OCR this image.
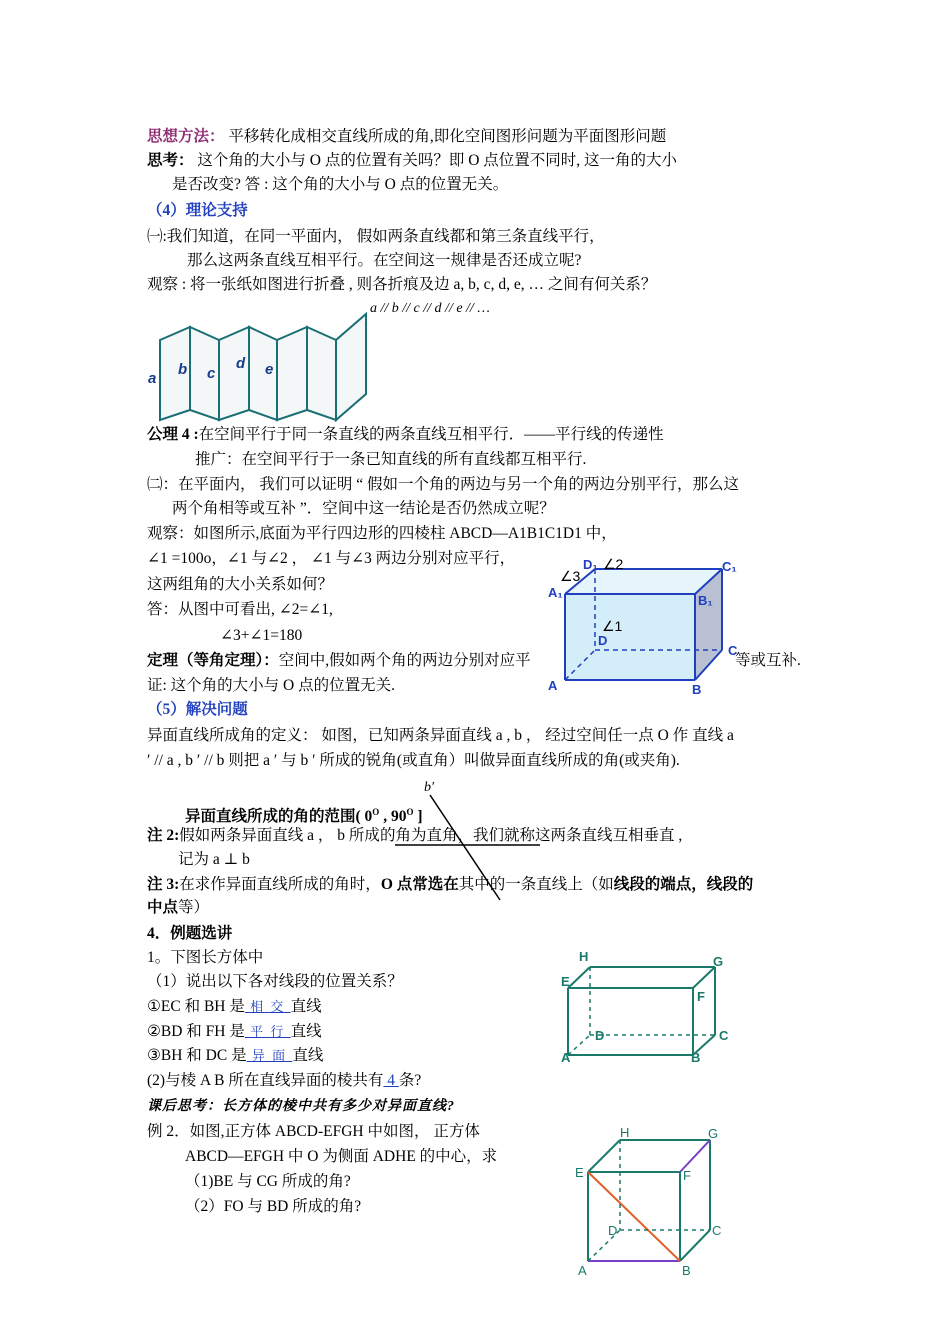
思想方法： 平移转化成相交直线所成的角,即化空间图形问题为平面图形问题
思考： 这个角的大小与 O 点的位置有关吗？即 O 点位置不同时, 这一角的大小
是否改变? 答 : 这个角的大小与 O 点的位置无关。
（4）理论支持
㈠:我们知道，在同一平面内， 假如两条直线都和第三条直线平行，
那么这两条直线互相平行。在空间这一规律是否还成立呢?
观察 : 将一张纸如图进行折叠 , 则各折痕及边 a, b, c, d, e, … 之间有何关系？
a // b // c // d // e // …
a
b c
d e
公理 4 :在空间平行于同一条直线的两条直线互相平行．——平行线的传递性
推广：在空间平行于一条已知直线的所有直线都互相平行.
㈡：在平面内， 我们可以证明 “ 假如一个角的两边与另一个角的两边分别平行，那么这
两个角相等或互补 ”．空间中这一结论是否仍然成立呢？
观察：如图所示,底面为平行四边形的四棱柱 ABCD—A1B1C1D1 中，
∠1 =100o，∠1 与∠2 ， ∠1 与∠3 两边分别对应平行，
这两组角的大小关系如何？
答：从图中可看出, ∠2=∠1,
∠3+∠1=180
定理（等角定理）：空间中,假如两个角的两边分别对应平	等或互补.
证: 这个角的大小与 O 点的位置无关.	A	B
C
D
A₁
B₁
C₁
D₁
∠1
∠2
∠3
（5）解决问题
异面直线所成角的定义： 如图，已知两条异面直线 a , b ， 经过空间任一点 O 作 直线 a
′ // a , b ′ // b 则把 a ′ 与 b ′ 所成的锐角(或直角）叫做异面直线所成的角(或夹角).
b′
异面直线所成的角的范围( $0^O$ , $90^O$ ]
注 2:假如两条异面直线 a ， b 所成的角为直角，我们就称这两条直线互相垂直 ,
记为 a ⊥ b
注 3:在求作异面直线所成的角时，O 点常选在其中的一条直线上（如线段的端点，线段的
中点等）
4．例题选讲
1。下图长方体中
（1）说出以下各对线段的位置关系？
①EC 和 BH 是 相 交 直线
②BD 和 FH 是 平 行 直线
③BH 和 DC 是 异 面 直线
(2)与棱 A B 所在直线异面的棱共有 4 条?
课后思考：长方体的棱中共有多少对异面直线?
例 2．如图,正方体 ABCD-EFGH 中如图， 正方体
ABCD—EFGH 中 O 为侧面 ADHE 的中心，求
（1)BE 与 CG 所成的角?
（2）FO 与 BD 所成的角?
H	G
E
F
D	C
A	B
H	G
E	F
D	C
A	B
